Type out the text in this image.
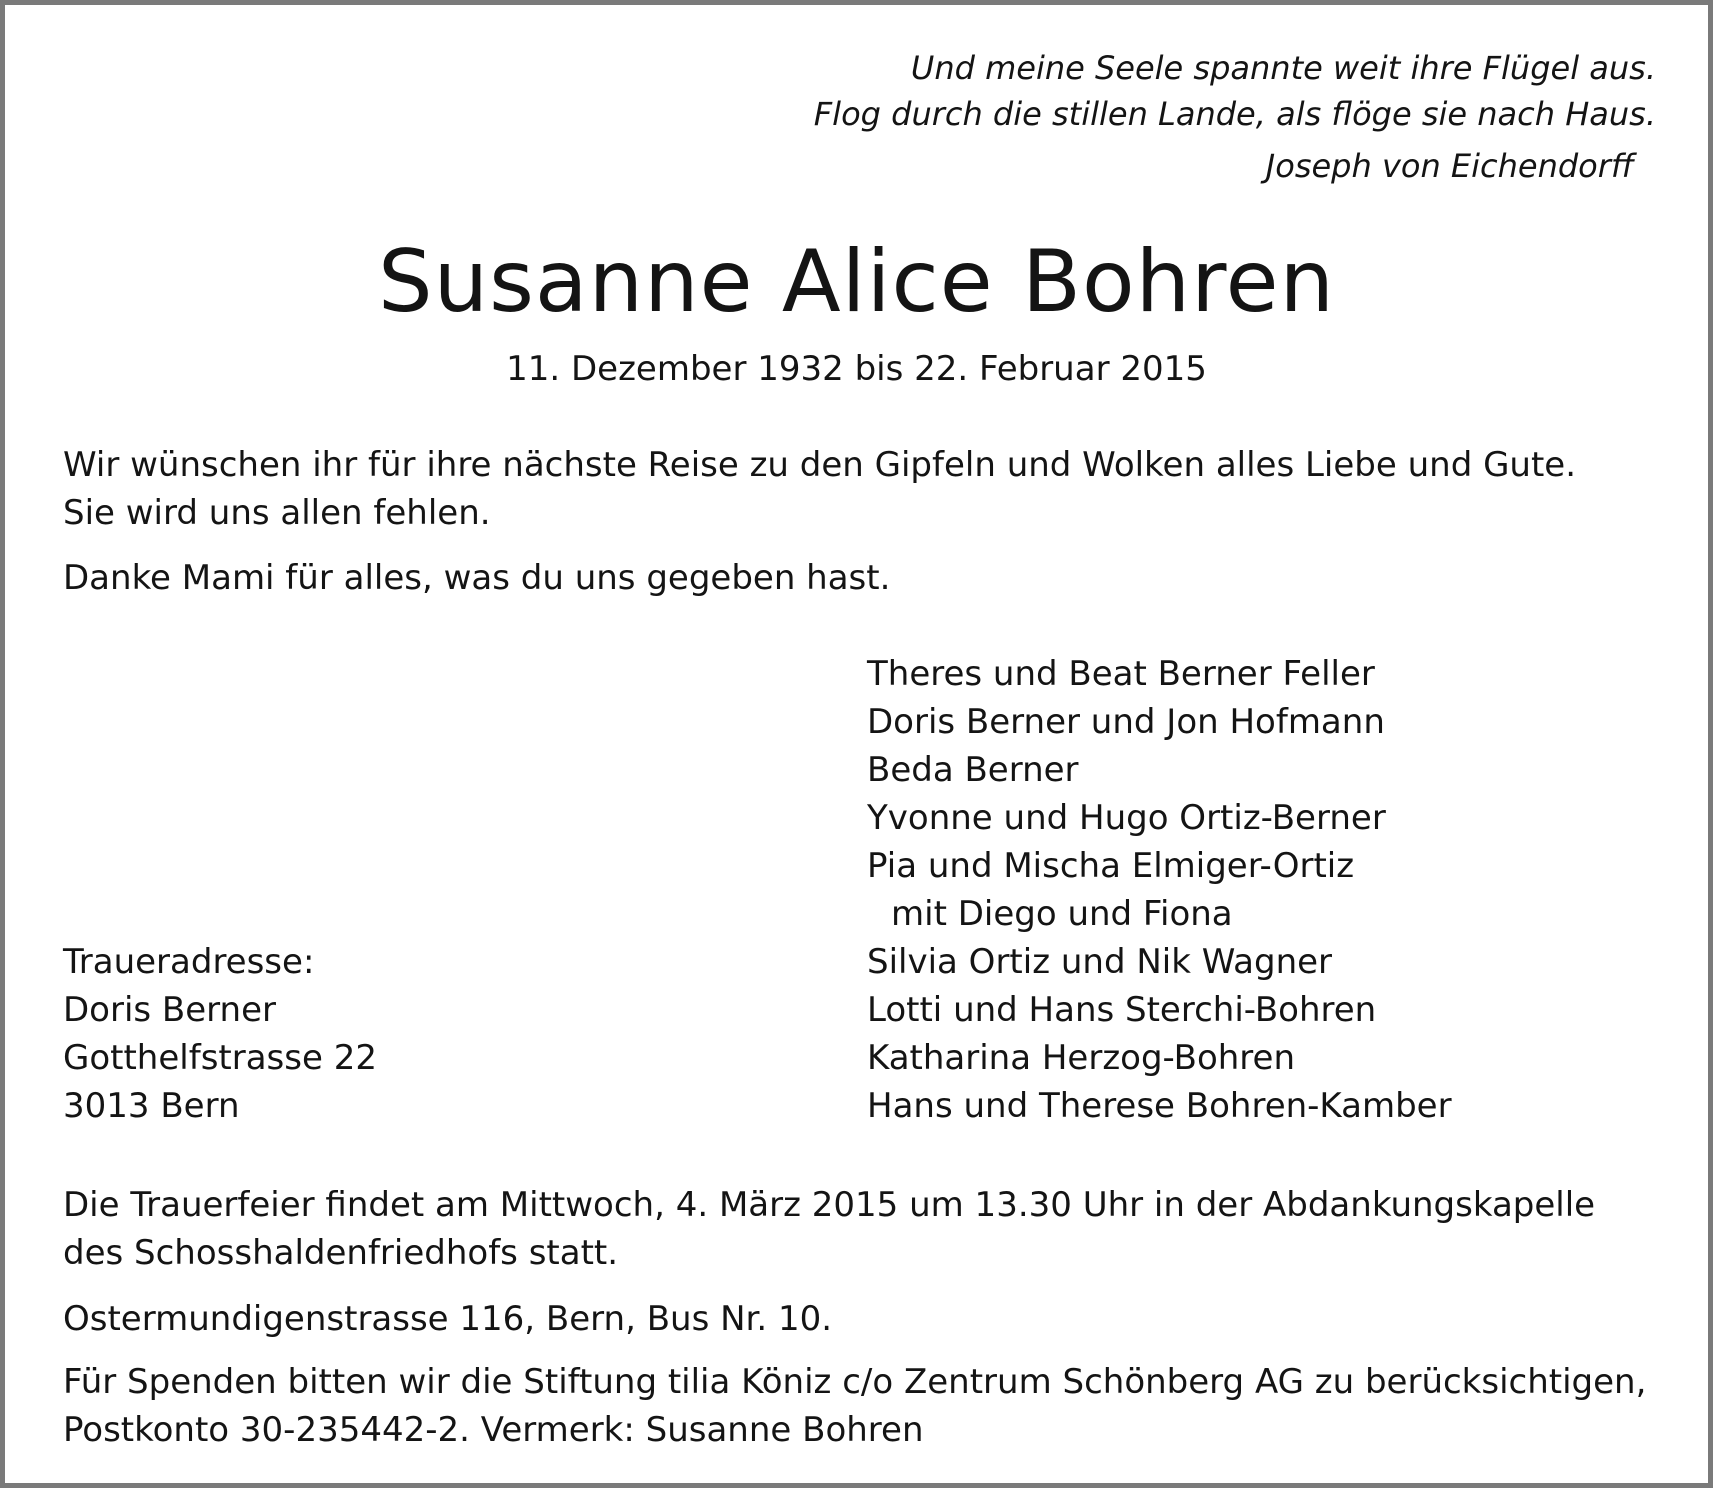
Und meine Seele spannte weit ihre Flügel aus.
Flog durch die stillen Lande, als flöge sie nach Haus.
Joseph von Eichendorff
Susanne Alice Bohren
11. Dezember 1932 bis 22. Februar 2015

Wir wünschen ihr für ihre nächste Reise zu den Gipfeln und Wolken alles Liebe und Gute.

Sie wird uns allen fehlen.

Danke Mami für alles, was du uns gegeben hast.

Theres und Beat Berner Feller
Doris Berner und Jon Hofmann
Beda Berner
Yvonne und Hugo Ortiz-Berner
Pia und Mischa Elmiger-Ortiz
mit Diego und Fiona
Silvia Ortiz und Nik Wagner
Lotti und Hans Sterchi-Bohren
Katharina Herzog-Bohren
Hans und Therese Bohren-Kamber
Traueradresse:
Doris Berner
Gotthelfstrasse 22
3013 Bern

Die Trauerfeier findet am Mittwoch, 4. März 2015 um 13.30 Uhr in der Abdankungskapelle

des Schosshaldenfriedhofs statt.

Ostermundigenstrasse 116, Bern, Bus Nr. 10.

Für Spenden bitten wir die Stiftung tilia Köniz c/o Zentrum Schönberg AG zu berücksichtigen,

Postkonto 30-235442-2. Vermerk: Susanne Bohren
